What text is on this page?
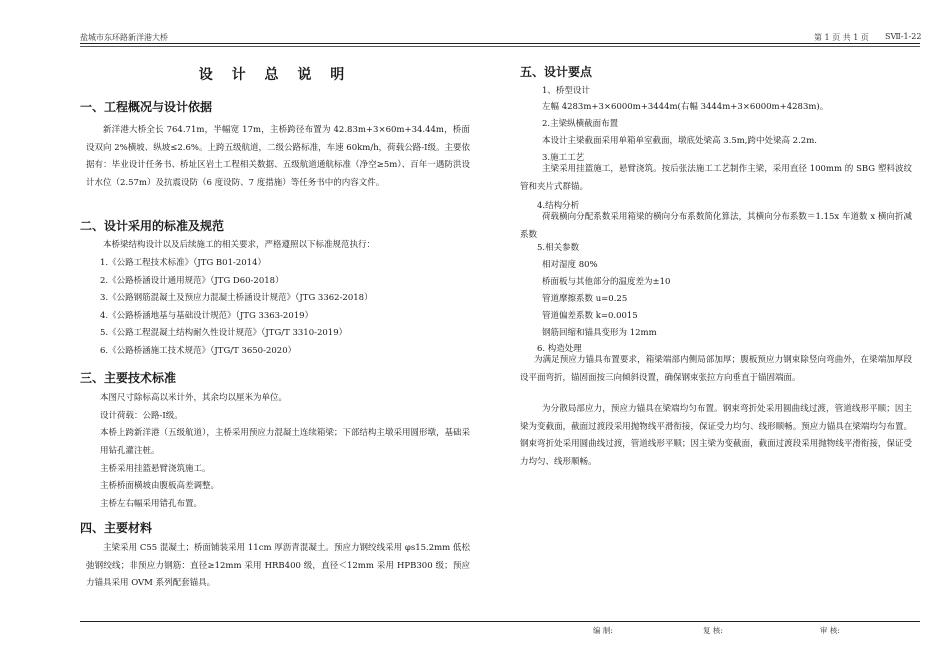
盐城市东环路新洋港大桥	第 1 页 共 1 页 SⅦ-1-22
设 计 总 说 明
一、工程概况与设计依据
新洋港大桥全长 764.71m，半幅宽 17m，主桥跨径布置为 42.83m+3×60m+34.44m，桥面设双向 2%横坡、纵坡≤2.6%。上跨五级航道，二级公路标准，车速 60km/h，荷载公路-Ⅰ级。主要依据有：毕业设计任务书、桥址区岩土工程相关数据、五级航道通航标准（净空≥5m）、百年一遇防洪设计水位（2.57m）及抗震设防（6 度设防、7 度措施）等任务书中的内容文件。
二、设计采用的标准及规范
本桥梁结构设计以及后续施工的相关要求，严格遵照以下标准规范执行：
1.《公路工程技术标准》（JTG B01-2014）
2.《公路桥涵设计通用规范》（JTG D60-2018）
3.《公路钢筋混凝土及预应力混凝土桥涵设计规范》（JTG 3362-2018）
4.《公路桥涵地基与基础设计规范》（JTG 3363-2019）
5.《公路工程混凝土结构耐久性设计规范》（JTG/T 3310-2019）
6.《公路桥涵施工技术规范》（JTG/T 3650-2020）
三、主要技术标准
本图尺寸除标高以米计外，其余均以厘米为单位。
设计荷载：公路-Ⅰ级。
本桥上跨新洋港（五级航道），主桥采用预应力混凝土连续箱梁；下部结构主墩采用圆形墩，基础采用钻孔灌注桩。
主桥采用挂篮悬臂浇筑施工。
主桥桥面横坡由腹板高差调整。
主桥左右幅采用错孔布置。
四、主要材料
主梁采用 C55 混凝土；桥面铺装采用 11cm 厚沥青混凝土。预应力钢绞线采用 φs15.2mm 低松弛钢绞线；非预应力钢筋：直径≥12mm 采用 HRB400 级，直径＜12mm 采用 HPB300 级；预应力锚具采用 OVM 系列配套锚具。
五、设计要点
1、桥型设计
左幅 4283m+3×6000m+3444m(右幅 3444m+3×6000m+4283m)。
2.主梁纵横截面布置
本设计主梁截面采用单箱单室截面，墩底处梁高 3.5m,跨中处梁高 2.2m.
3.施工工艺
主梁采用挂篮施工，悬臂浇筑。按后张法施工工艺制作主梁，采用直径 100mm 的 SBG 塑料波纹管和夹片式群锚。
4.结构分析
荷载横向分配系数采用箱梁的横向分布系数简化算法，其横向分布系数＝1.15x 车道数 x 横向折减系数
5.相关参数
相对湿度 80%
桥面板与其他部分的温度差为±10
管道摩擦系数 u=0.25
管道偏差系数 k=0.0015
钢筋回缩和锚具变形为 12mm
6. 构造处理
为满足预应力锚具布置要求，箱梁端部内侧局部加厚；腹板预应力钢束除竖向弯曲外，在梁端加厚段设平面弯折，锚固面按三向倾斜设置，确保钢束张拉方向垂直于锚固端面。
为分散局部应力，预应力锚具在梁端均匀布置。钢束弯折处采用圆曲线过渡，管道线形平顺；因主梁为变截面，截面过渡段采用抛物线平滑衔接，保证受力均匀、线形顺畅。预应力锚具在梁端均匀布置。钢束弯折处采用圆曲线过渡，管道线形平顺；因主梁为变截面，截面过渡段采用抛物线平滑衔接，保证受力均匀、线形顺畅。
编 制:	复 核:	审 核:
